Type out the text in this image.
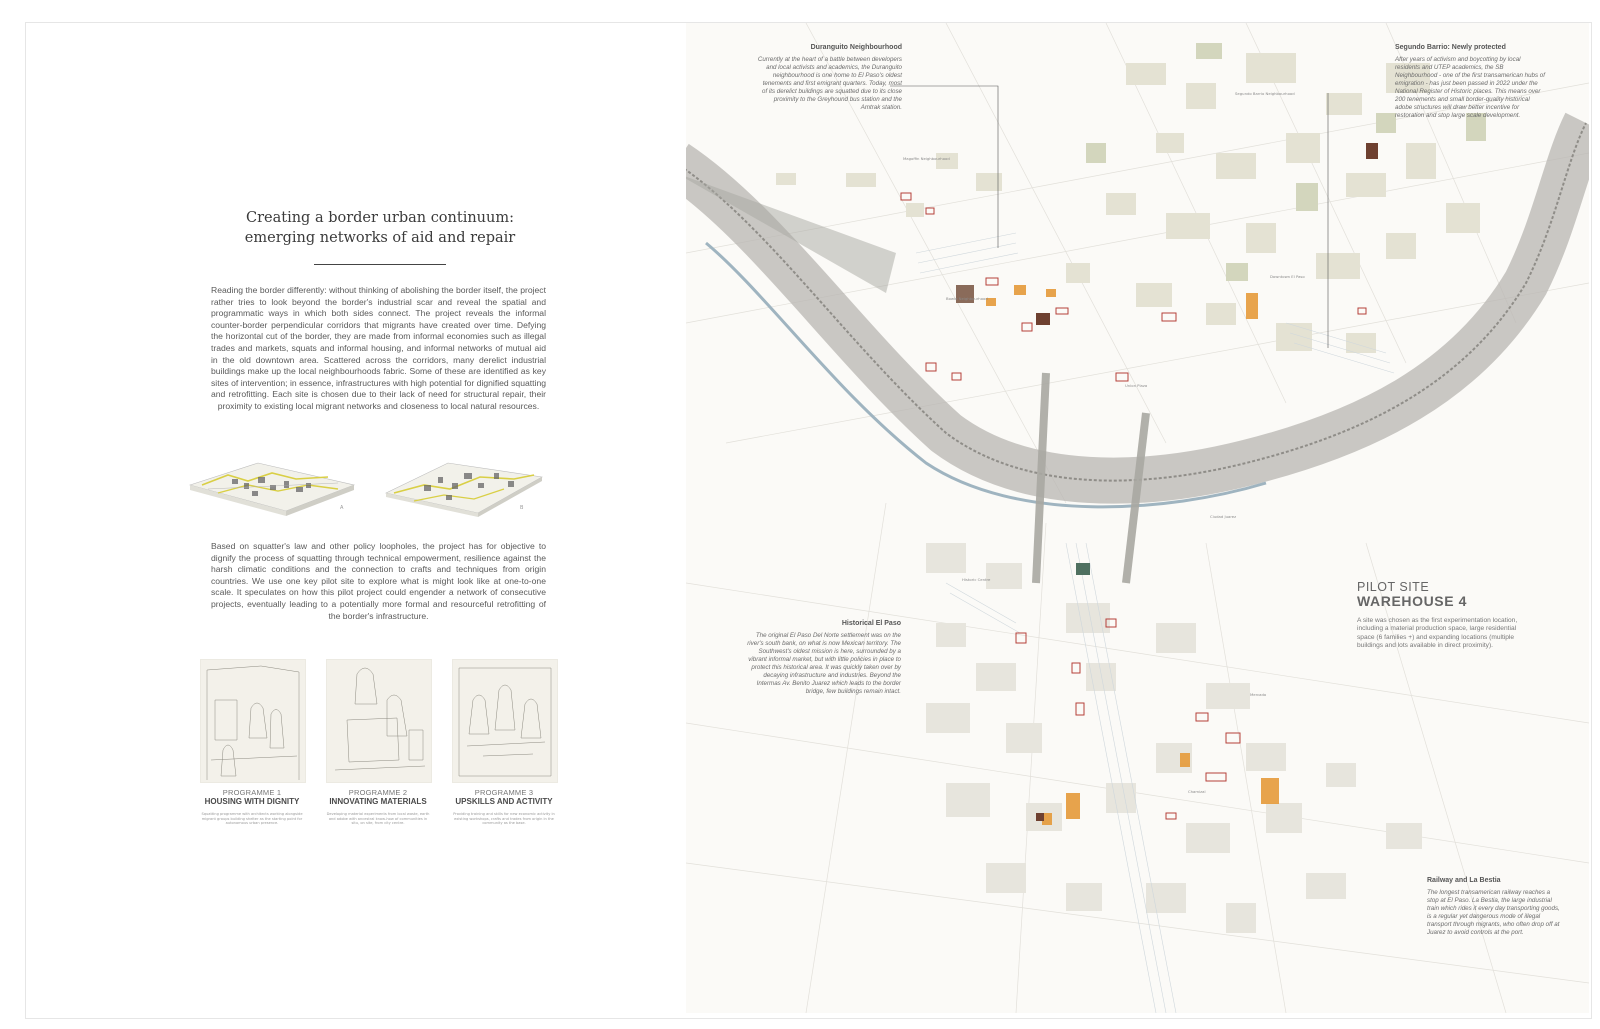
Creating a border urban continuum:
emerging networks of aid and repair
Reading the border differently: without thinking of abolishing the border itself, the project rather tries to look beyond the border's industrial scar and reveal the spatial and programmatic ways in which both sides connect. The project reveals the informal counter-border perpendicular corridors that migrants have created over time. Defying the horizontal cut of the border, they are made from informal economies such as illegal trades and markets, squats and informal housing, and informal networks of mutual aid in the old downtown area. Scattered across the corridors, many derelict industrial buildings make up the local neighbourhoods fabric. Some of these are identified as key sites of intervention; in essence, infrastructures with high potential for dignified squatting and retrofitting. Each site is chosen due to their lack of need for structural repair, their proximity to existing local migrant networks and closeness to local natural resources.
A	B
Based on squatter's law and other policy loopholes, the project has for objective to dignify the process of squatting through technical empowerment, resilience against the harsh climatic conditions and the connection to crafts and techniques from origin countries. We use one key pilot site to explore what is might look like at one-to-one scale. It speculates on how this pilot project could engender a network of consecutive projects, eventually leading to a potentially more formal and resourceful retrofitting of the border's infrastructure.
PROGRAMME 1
HOUSING WITH DIGNITY
Squatting programme with architects working alongside migrant groups building shelter as the starting point for autonomous urban presence.
PROGRAMME 2
INNOVATING MATERIALS
Developing material experiments from local waste, earth and adobe with ancestral know-how of communities in situ, on site, from city centre.
PROGRAMME 3
UPSKILLS AND ACTIVITY
Providing training and skills for new economic activity in existing workshops, crafts and trades from origin in the community as the base.
Duranguito Neighbourhood
Currently at the heart of a battle between developers and local activists and academics, the Duranguito neighbourhood is one home to El Paso's oldest tenements and first emigrant quarters. Today, most of its derelict buildings are squatted due to its close proximity to the Greyhound bus station and the Amtrak station.
Segundo Barrio: Newly protected
After years of activism and boycotting by local residents and UTEP academics, the SB Neighbourhood - one of the first transamerican hubs of emigration - has just been passed in 2022 under the National Register of Historic places. This means over 200 tenements and small border-quality historical adobe structures will draw better incentive for restoration and stop large scale development.
Historical El Paso
The original El Paso Del Norte settlement was on the river's south bank, on what is now Mexican territory. The Southwest's oldest mission is here, surrounded by a vibrant informal market, but with little policies in place to protect this historical area. It was quickly taken over by decaying infrastructure and industries. Beyond the Intermas Av. Benito Juarez which leads to the border bridge, few buildings remain intact.
Railway and La Bestia
The longest transamerican railway reaches a stop at El Paso. La Bestia, the large industrial train which rides it every day transporting goods, is a regular yet dangerous mode of illegal transport through migrants, who often drop off at Juarez to avoid controls at the port.
PILOT SITE
WAREHOUSE 4
A site was chosen as the first experimentation location, including a material production space, large residential space (6 families +) and expanding locations (multiple buildings and lots available in direct proximity).
Segundo Barrio Neighbourhood
Magoffin Neighbourhood
Downtown El Paso
Bowie Neighbourhood
Union Plaza
Ciudad Juarez
Historic Centre
Mercado
Chamizal
